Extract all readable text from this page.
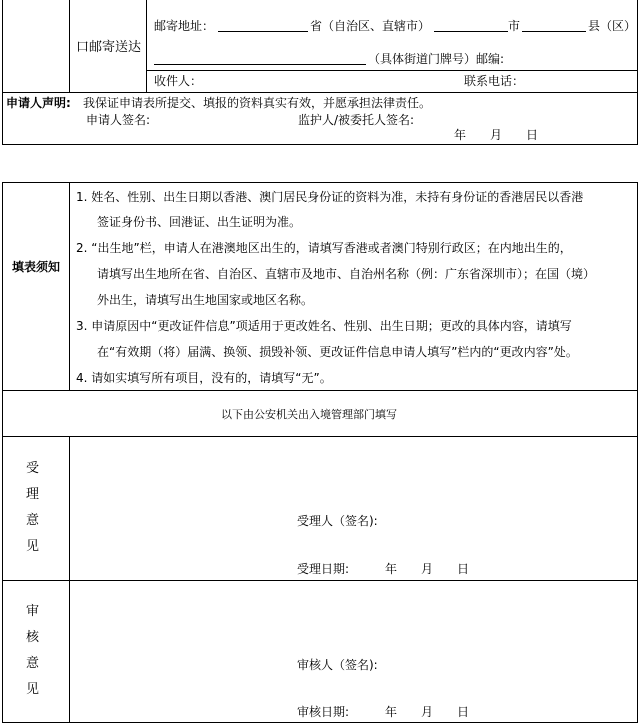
口邮寄送达
邮寄地址：	省（自治区、直辖市）	市	县（区）
（具体街道门牌号）邮编:
收件人：	联系电话：
申请人声明: 我保证申请表所提交、填报的资料真实有效，并愿承担法律责任。
申请人签名:	监护人/被委托人签名:
年　　月　　日
填表须知
1. 姓名、性别、出生日期以香港、澳门居民身份证的资料为准，未持有身份证的香港居民以香港
签证身份书、回港证、出生证明为准。
2. “出生地”栏，申请人在港澳地区出生的，请填写香港或者澳门特别行政区；在内地出生的，
请填写出生地所在省、自治区、直辖市及地市、自治州名称（例：广东省深圳市）；在国（境）
外出生，请填写出生地国家或地区名称。
3. 申请原因中“更改证件信息”项适用于更改姓名、性别、出生日期；更改的具体内容，请填写
在“有效期（将）届满、换领、损毁补领、更改证件信息申请人填写”栏内的“更改内容”处。
4. 请如实填写所有项目，没有的，请填写“无”。
以下由公安机关出入境管理部门填写
受
理
意
见
受理人（签名):
受理日期:　　　年　　月　　日
审
核
意
见
审核人（签名):
审核日期:　　　年　　月　　日
